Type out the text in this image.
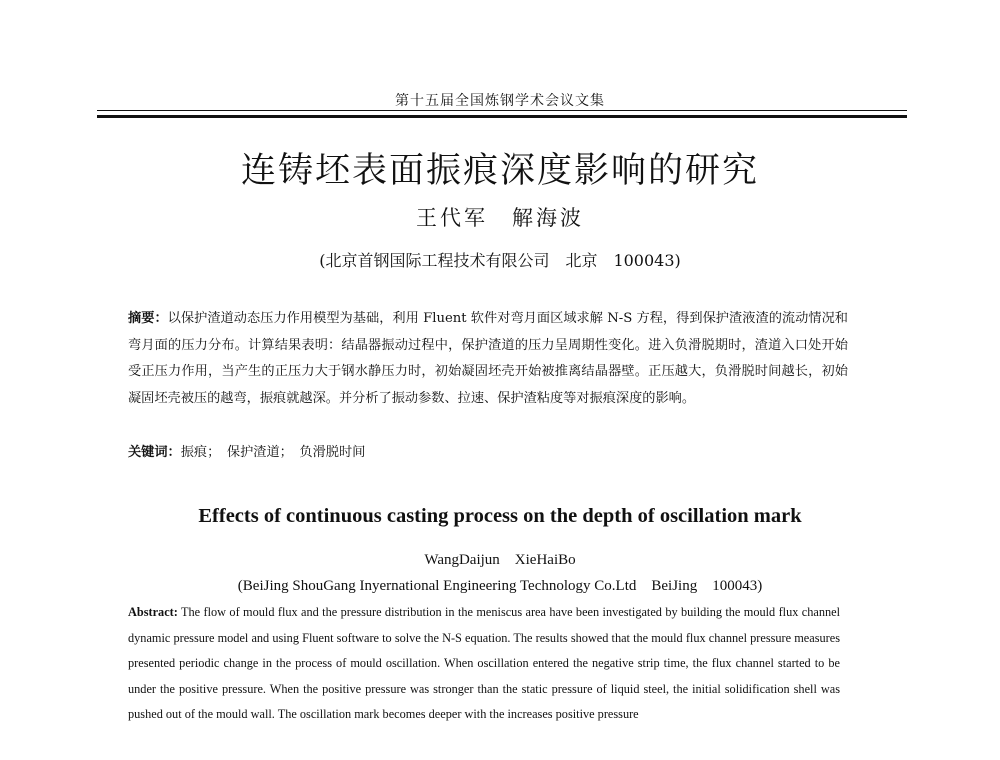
第十五届全国炼钢学术会议文集
连铸坯表面振痕深度影响的研究
王代军　解海波
(北京首钢国际工程技术有限公司　北京　100043)
摘要：以保护渣道动态压力作用模型为基础，利用 Fluent 软件对弯月面区域求解 N-S 方程，得到保护渣液渣的流动情况和弯月面的压力分布。计算结果表明：结晶器振动过程中，保护渣道的压力呈周期性变化。进入负滑脱期时，渣道入口处开始受正压力作用，当产生的正压力大于钢水静压力时，初始凝固坯壳开始被推离结晶器壁。正压越大，负滑脱时间越长，初始凝固坯壳被压的越弯，振痕就越深。并分析了振动参数、拉速、保护渣粘度等对振痕深度的影响。
关键词：振痕；　保护渣道；　负滑脱时间
Effects of continuous casting process on the depth of oscillation mark
WangDaijun　XieHaiBo
(BeiJing ShouGang Inyernational Engineering Technology Co.Ltd　BeiJing　100043)
Abstract: The flow of mould flux and the pressure distribution in the meniscus area have been investigated by building the mould flux channel dynamic pressure model and using Fluent software to solve the N-S equation. The results showed that the mould flux channel pressure measures presented periodic change in the process of mould oscillation. When oscillation entered the negative strip time, the flux channel started to be under the positive pressure. When the positive pressure was stronger than the static pressure of liquid steel, the initial solidification shell was pushed out of the mould wall. The oscillation mark becomes deeper with the increases positive pressure
